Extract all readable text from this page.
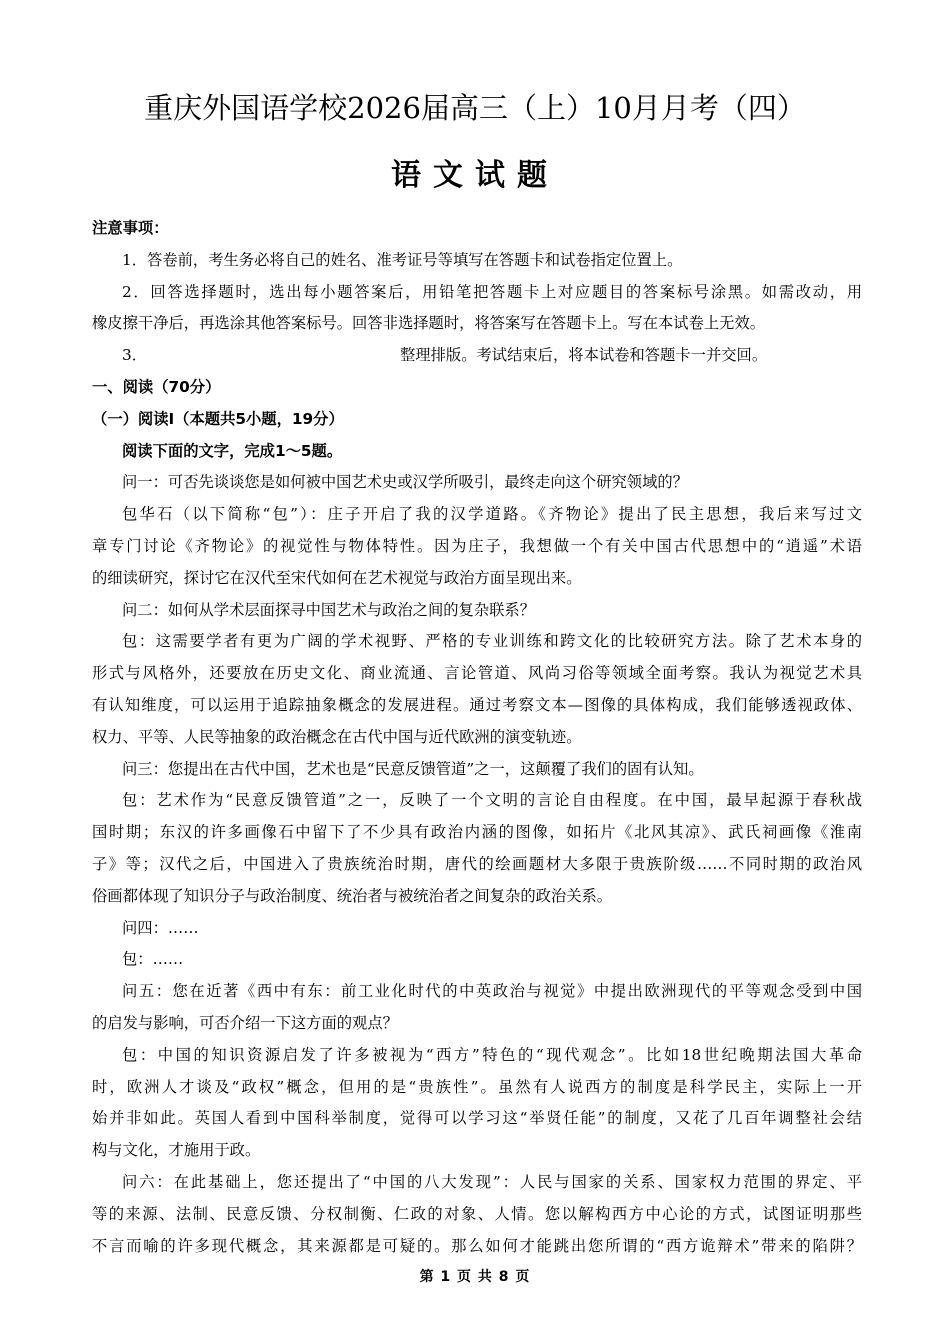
重庆外国语学校2026届高三（上）10月月考（四）
语文试题
注意事项：
1．答卷前，考生务必将自己的姓名、准考证号等填写在答题卡和试卷指定位置上。
2．回答选择题时，选出每小题答案后，用铅笔把答题卡上对应题目的答案标号涂黑。如需改动，用
橡皮擦干净后，再选涂其他答案标号。回答非选择题时，将答案写在答题卡上。写在本试卷上无效。
3．	整理排版。考试结束后，将本试卷和答题卡一并交回。
一、阅读（70分）
（一）阅读Ⅰ（本题共5小题，19分）
阅读下面的文字，完成1～5题。
问一：可否先谈谈您是如何被中国艺术史或汉学所吸引，最终走向这个研究领域的？
包华石（以下简称“包”）：庄子开启了我的汉学道路。《齐物论》提出了民主思想，我后来写过文
章专门讨论《齐物论》的视觉性与物体特性。因为庄子，我想做一个有关中国古代思想中的“逍遥”术语
的细读研究，探讨它在汉代至宋代如何在艺术视觉与政治方面呈现出来。
问二：如何从学术层面探寻中国艺术与政治之间的复杂联系？
包：这需要学者有更为广阔的学术视野、严格的专业训练和跨文化的比较研究方法。除了艺术本身的
形式与风格外，还要放在历史文化、商业流通、言论管道、风尚习俗等领域全面考察。我认为视觉艺术具
有认知维度，可以运用于追踪抽象概念的发展进程。通过考察文本—图像的具体构成，我们能够透视政体、
权力、平等、人民等抽象的政治概念在古代中国与近代欧洲的演变轨迹。
问三：您提出在古代中国，艺术也是“民意反馈管道”之一，这颠覆了我们的固有认知。
包：艺术作为“民意反馈管道”之一，反映了一个文明的言论自由程度。在中国，最早起源于春秋战
国时期；东汉的许多画像石中留下了不少具有政治内涵的图像，如拓片《北风其凉》、武氏祠画像《淮南
子》等；汉代之后，中国进入了贵族统治时期，唐代的绘画题材大多限于贵族阶级……不同时期的政治风
俗画都体现了知识分子与政治制度、统治者与被统治者之间复杂的政治关系。
问四：……
包：……
问五：您在近著《西中有东：前工业化时代的中英政治与视觉》中提出欧洲现代的平等观念受到中国
的启发与影响，可否介绍一下这方面的观点？
包：中国的知识资源启发了许多被视为“西方”特色的“现代观念”。比如18世纪晚期法国大革命
时，欧洲人才谈及“政权”概念，但用的是“贵族性”。虽然有人说西方的制度是科学民主，实际上一开
始并非如此。英国人看到中国科举制度，觉得可以学习这“举贤任能”的制度，又花了几百年调整社会结
构与文化，才施用于政。
问六：在此基础上，您还提出了“中国的八大发现”：人民与国家的关系、国家权力范围的界定、平
等的来源、法制、民意反馈、分权制衡、仁政的对象、人情。您以解构西方中心论的方式，试图证明那些
不言而喻的许多现代概念，其来源都是可疑的。那么如何才能跳出您所谓的“西方诡辩术”带来的陷阱？
第 1 页 共 8 页
